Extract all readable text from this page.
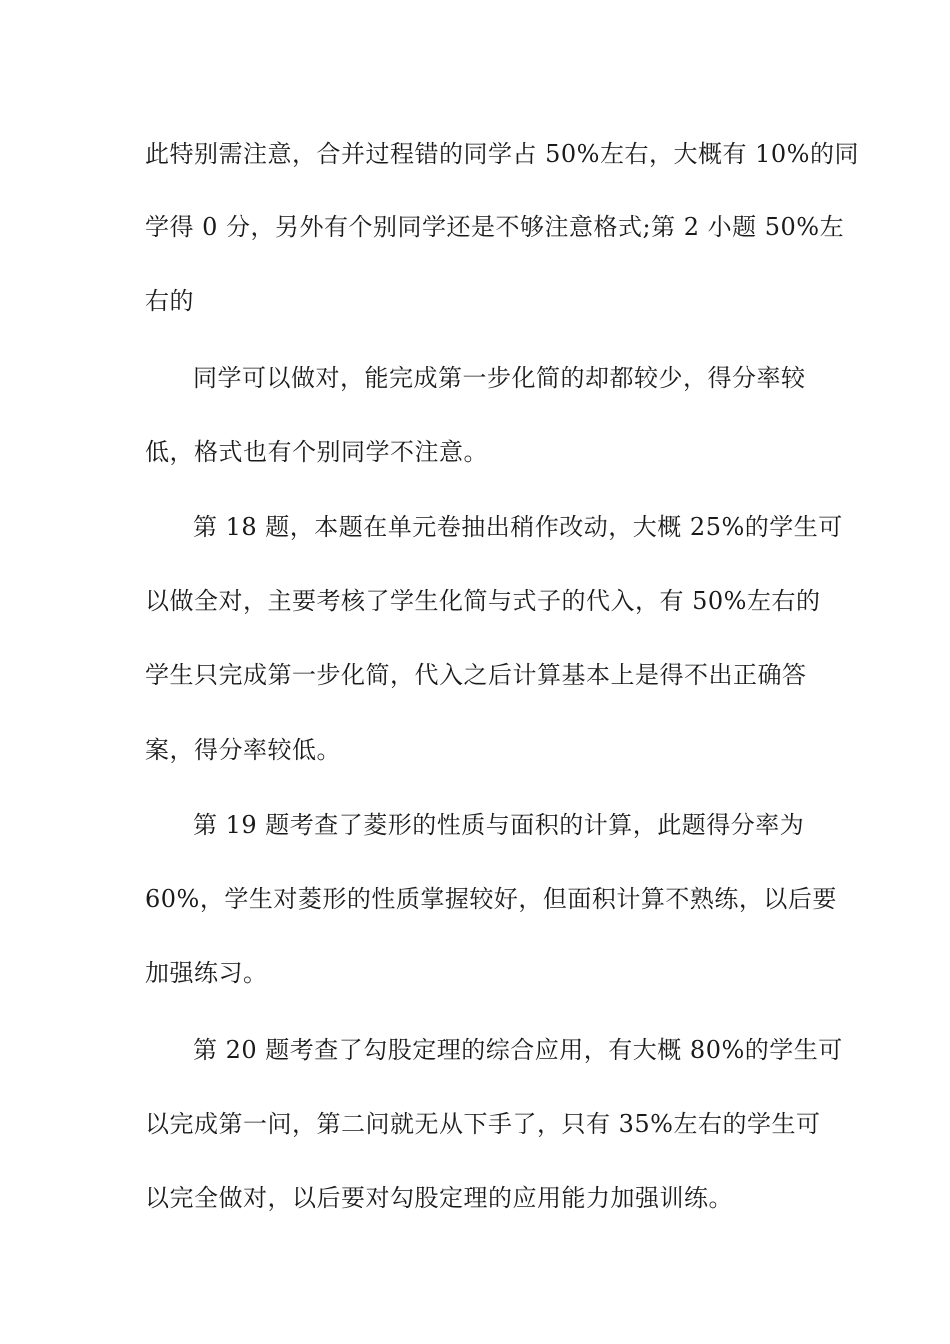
此特别需注意，合并过程错的同学占 50%左右，大概有 10%的同
学得 0 分，另外有个别同学还是不够注意格式;第 2 小题 50%左
右的
同学可以做对，能完成第一步化简的却都较少，得分率较
低，格式也有个别同学不注意。
第 18 题，本题在单元卷抽出稍作改动，大概 25%的学生可
以做全对，主要考核了学生化简与式子的代入，有 50%左右的
学生只完成第一步化简，代入之后计算基本上是得不出正确答
案，得分率较低。
第 19 题考查了菱形的性质与面积的计算，此题得分率为
60%，学生对菱形的性质掌握较好，但面积计算不熟练，以后要
加强练习。
第 20 题考查了勾股定理的综合应用，有大概 80%的学生可
以完成第一问，第二问就无从下手了，只有 35%左右的学生可
以完全做对，以后要对勾股定理的应用能力加强训练。
